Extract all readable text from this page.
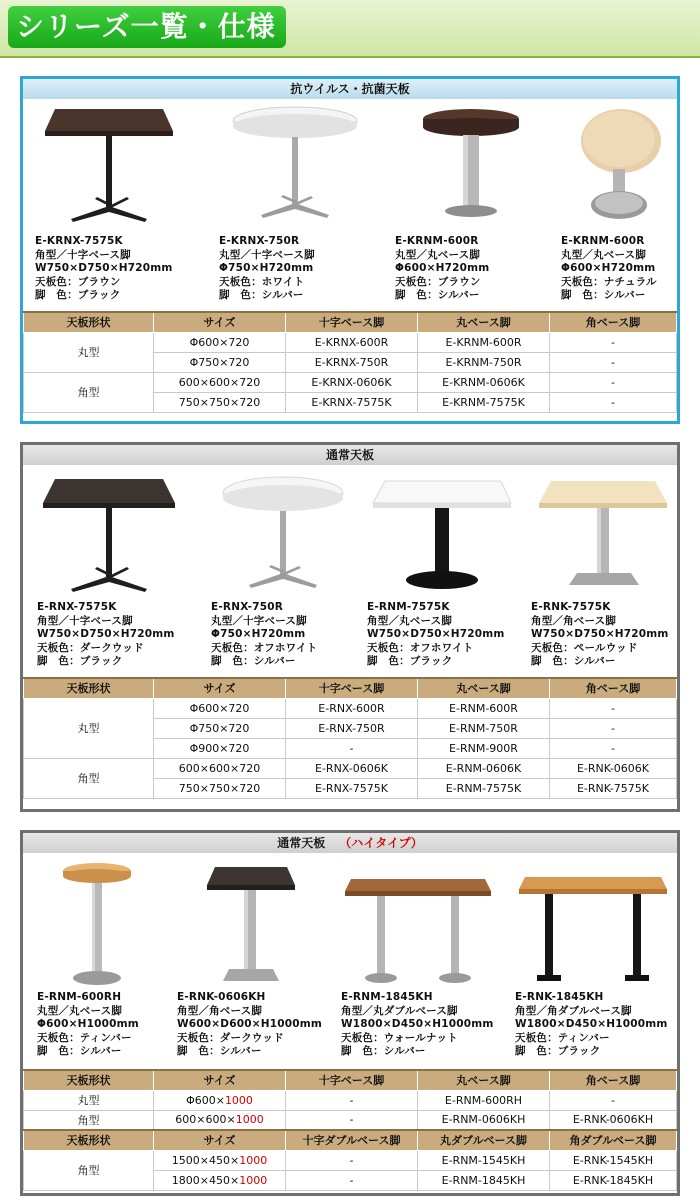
シリーズ一覧・仕様
抗ウイルス・抗菌天板
E-KRNX-7575K
角型／十字ベース脚
W750×D750×H720mm
天板色：ブラウン
脚　色：ブラック
E-KRNX-750R
丸型／十字ベース脚
Φ750×H720mm
天板色：ホワイト
脚　色：シルバー
E-KRNM-600R
丸型／丸ベース脚
Φ600×H720mm
天板色：ブラウン
脚　色：シルバー
E-KRNM-600R
丸型／丸ベース脚
Φ600×H720mm
天板色：ナチュラル
脚　色：シルバー
天板形状	サイズ	十字ベース脚	丸ベース脚	角ベース脚
丸型	Φ600×720	E-KRNX-600R	E-KRNM-600R	-
	Φ750×720	E-KRNX-750R	E-KRNM-750R	-
角型	600×600×720	E-KRNX-0606K	E-KRNM-0606K	-
	750×750×720	E-KRNX-7575K	E-KRNM-7575K	-
通常天板
E-RNX-7575K
角型／十字ベース脚
W750×D750×H720mm
天板色：ダークウッド
脚　色：ブラック
E-RNX-750R
丸型／十字ベース脚
Φ750×H720mm
天板色：オフホワイト
脚　色：シルバー
E-RNM-7575K
角型／丸ベース脚
W750×D750×H720mm
天板色：オフホワイト
脚　色：ブラック
E-RNK-7575K
角型／角ベース脚
W750×D750×H720mm
天板色：ペールウッド
脚　色：シルバー
天板形状	サイズ	十字ベース脚	丸ベース脚	角ベース脚
丸型	Φ600×720	E-RNX-600R	E-RNM-600R	-
	Φ750×720	E-RNX-750R	E-RNM-750R	-
	Φ900×720	-	E-RNM-900R	-
角型	600×600×720	E-RNX-0606K	E-RNM-0606K	E-RNK-0606K
	750×750×720	E-RNX-7575K	E-RNM-7575K	E-RNK-7575K
通常天板 （ハイタイプ）
E-RNM-600RH
丸型／丸ベース脚
Φ600×H1000mm
天板色：ティンバー
脚　色：シルバー
E-RNK-0606KH
角型／角ベース脚
W600×D600×H1000mm
天板色：ダークウッド
脚　色：シルバー
E-RNM-1845KH
角型／丸ダブルベース脚
W1800×D450×H1000mm
天板色：ウォールナット
脚　色：シルバー
E-RNK-1845KH
角型／角ダブルベース脚
W1800×D450×H1000mm
天板色：ティンバー
脚　色：ブラック
天板形状	サイズ	十字ベース脚	丸ベース脚	角ベース脚
丸型	Φ600×1000	-	E-RNM-600RH	-
角型	600×600×1000	-	E-RNM-0606KH	E-RNK-0606KH
天板形状	サイズ	十字ダブルベース脚	丸ダブルベース脚	角ダブルベース脚
角型	1500×450×1000	-	E-RNM-1545KH	E-RNK-1545KH
	1800×450×1000	-	E-RNM-1845KH	E-RNK-1845KH
